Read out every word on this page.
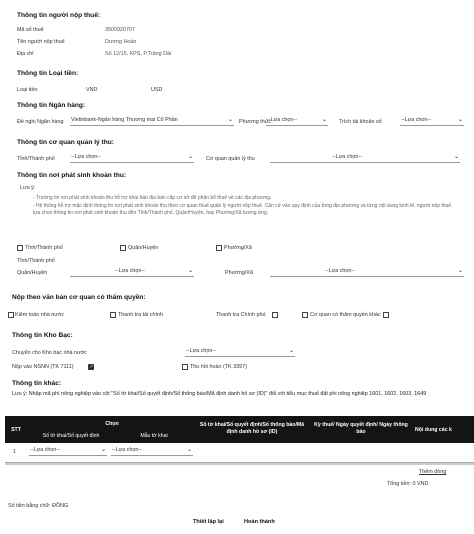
Thông tin người nộp thuế:
Mã số thuế	3500920707
Tên người nộp thuế	Dương Hoàn
Địa chỉ	Số 12/15, KPS, P.Trảng Dài
Thông tin Loại tiền:
Loại tiền	VND	USD
Thông tin Ngân hàng:
Đề nghị Ngân hàng Vietinbank-Ngân hàng Thương mại Cổ Phần	⌄ Phương thức
--Lựa chọn--	⌄ Trích tài khoản số	--Lựa chọn--	⌄
Thông tin cơ quan quản lý thu:
Tỉnh/Thành phố	--Lựa chọn--	⌄ Cơ quan quản lý thu	--Lựa chọn--	⌄
Thông tin nơi phát sinh khoản thu:
Lưu ý:
- Trường tin nơi phát sinh khoản thu hỗ trợ khai báo địa bàn cấp cơ sở để phân bổ thuế về các địa phương.
- Hệ thống hỗ trợ mặc định thông tin nơi phát sinh khoản thu theo cơ quan thuế quản lý người nộp thuế. Căn cứ vào quy định của từng địa phương và từng nội dung kinh tế, người nộp thuế lựa chọn thông tin nơi phát sinh khoản thu đến Tỉnh/Thành phố, Quận/Huyện, hay Phường/Xã tương ứng.
Tỉnh/Thành phố	Quận/Huyện	Phường/Xã
Tỉnh/Thành phố
Quận/Huyện	--Lựa chọn--	⌄	Phường/Xã	--Lựa chọn--	⌄
Nộp theo văn bản cơ quan có thẩm quyền:
Kiểm toán nhà nước	Thanh tra tài chính	Thanh tra Chính phủ	Cơ quan có thẩm quyền khác
Thông tin Kho Bạc:
Chuyển cho Kho bạc nhà nước	--Lựa chọn--	⌄
Nộp vào NSNN (TK 7111)
✓	Thu hồi hoàn (TK 3397)
Thông tin khác:
Lưu ý: Nhập mã phí nông nghiệp vào cột "Số tờ khai/Số quyết định/Số thông báo/Mã định danh hồ sơ (ID)" đối với tiểu mục thuế đất phi nông nghiệp 1601, 1602, 1603, 1649
STT
Chọn
Số tờ khai/Số quyết định	Mẫu tờ khai
Số tờ khai/Số quyết định/Số thông báo/Mã định danh hồ sơ (ID)
Kỳ thuế/ Ngày quyết định/ Ngày thông báo	Nội dung các k
1	--Lựa chọn--	⌄ --Lựa chọn--	⌄
Thêm dòng
Tổng tiền: 0 VND
Số tiền bằng chữ: ĐỒNG
Thiết lập lại	Hoàn thành
